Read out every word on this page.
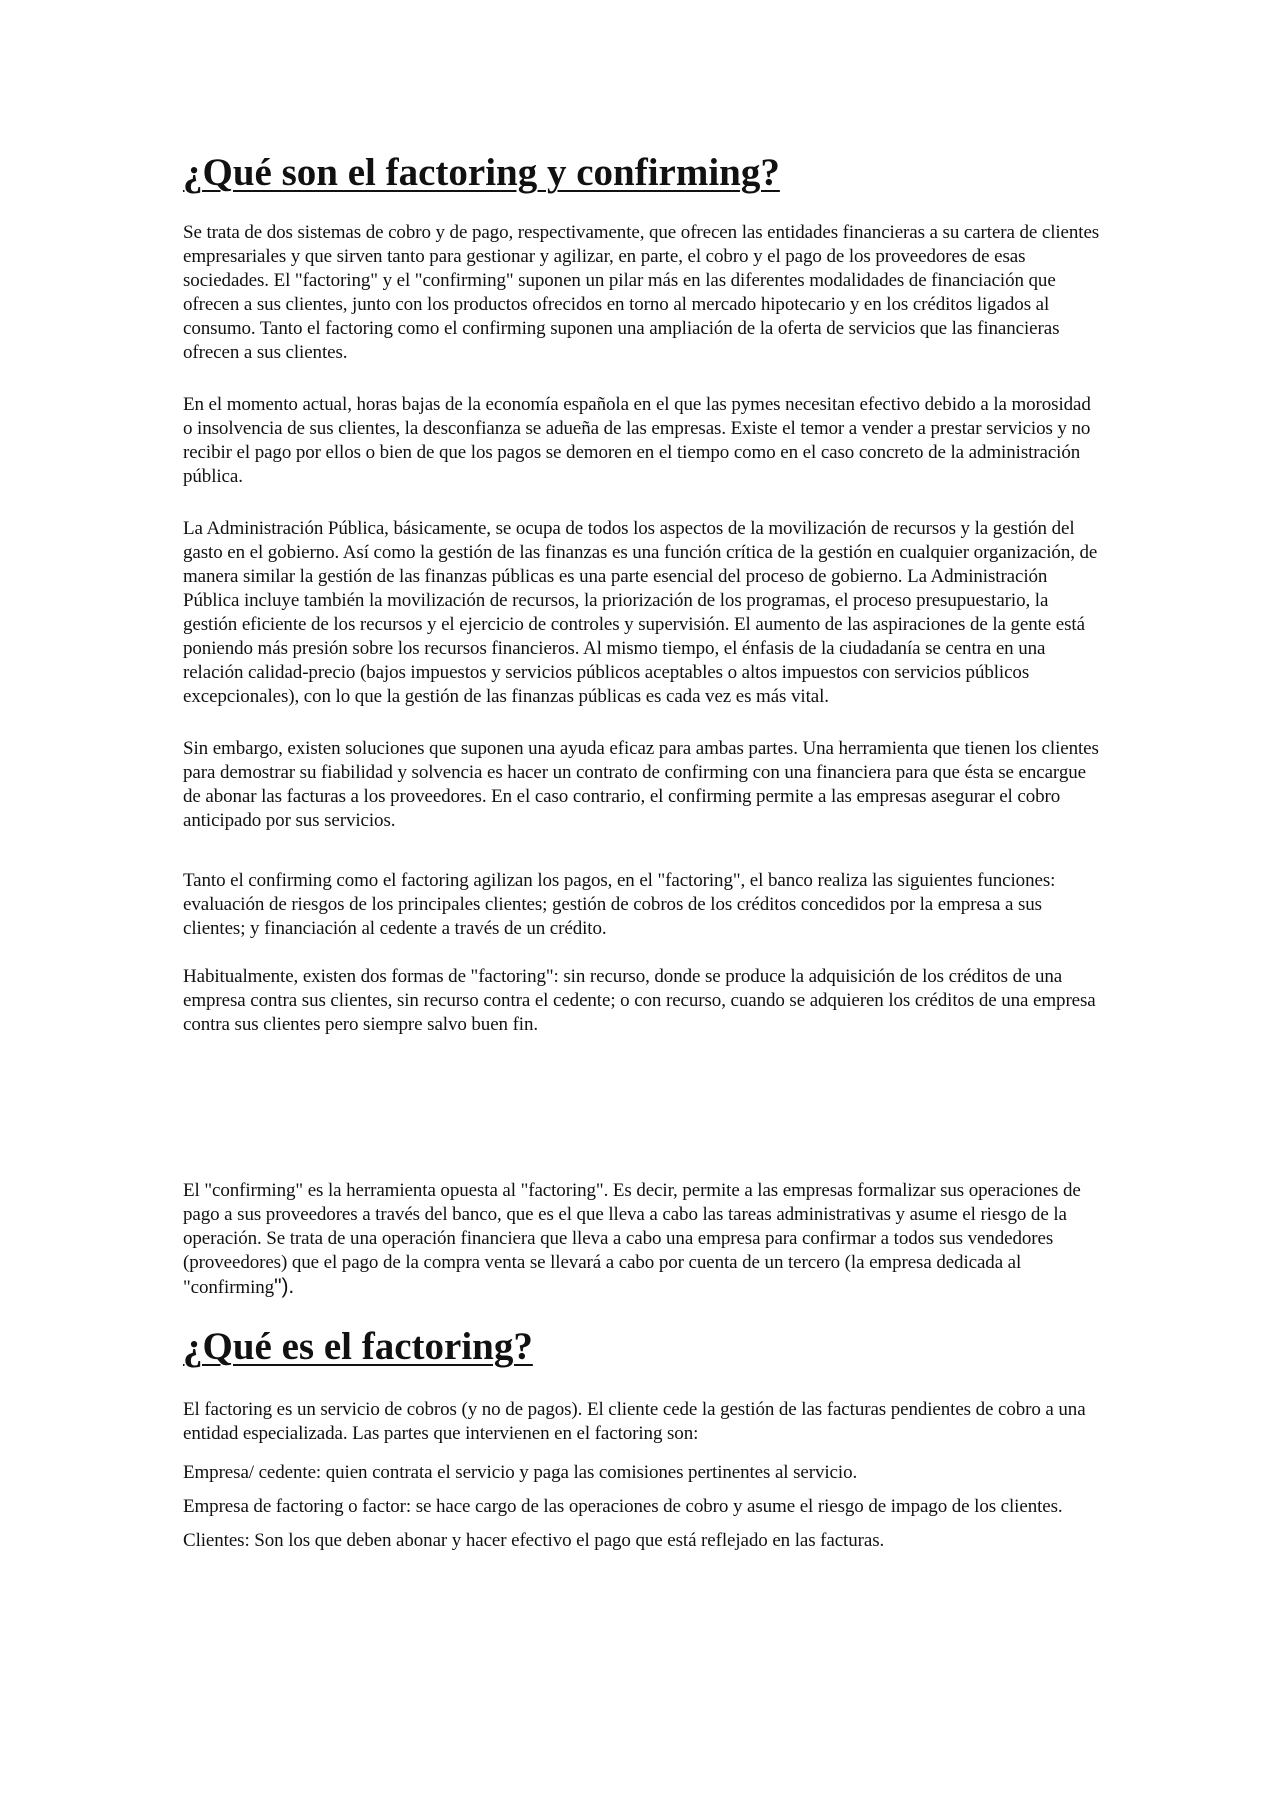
¿Qué son el factoring y confirming?

Se trata de dos sistemas de cobro y de pago, respectivamente, que ofrecen las entidades financieras a su cartera de clientes empresariales y que sirven tanto para gestionar y agilizar, en parte, el cobro y el pago de los proveedores de esas sociedades. El "factoring" y el "confirming" suponen un pilar más en las diferentes modalidades de financiación que ofrecen a sus clientes, junto con los productos ofrecidos en torno al mercado hipotecario y en los créditos ligados al consumo. Tanto el factoring como el confirming suponen una ampliación de la oferta de servicios que las financieras ofrecen a sus clientes.

En el momento actual, horas bajas de la economía española en el que las pymes necesitan efectivo debido a la morosidad o insolvencia de sus clientes, la desconfianza se adueña de las empresas. Existe el temor a vender a prestar servicios y no recibir el pago por ellos o bien de que los pagos se demoren en el tiempo como en el caso concreto de la administración pública.

La Administración Pública, básicamente, se ocupa de todos los aspectos de la movilización de recursos y la gestión del gasto en el gobierno. Así como la gestión de las finanzas es una función crítica de la gestión en cualquier organización, de manera similar la gestión de las finanzas públicas es una parte esencial del proceso de gobierno. La Administración Pública incluye también la movilización de recursos, la priorización de los programas, el proceso presupuestario, la gestión eficiente de los recursos y el ejercicio de controles y supervisión. El aumento de las aspiraciones de la gente está poniendo más presión sobre los recursos financieros. Al mismo tiempo, el énfasis de la ciudadanía se centra en una relación calidad-precio (bajos impuestos y servicios públicos aceptables o altos impuestos con servicios públicos excepcionales), con lo que la gestión de las finanzas públicas es cada vez es más vital.

Sin embargo, existen soluciones que suponen una ayuda eficaz para ambas partes. Una herramienta que tienen los clientes para demostrar su fiabilidad y solvencia es hacer un contrato de confirming con una financiera para que ésta se encargue de abonar las facturas a los proveedores. En el caso contrario, el confirming permite a las empresas asegurar el cobro anticipado por sus servicios.

Tanto el confirming como el factoring agilizan los pagos, en el "factoring", el banco realiza las siguientes funciones: evaluación de riesgos de los principales clientes; gestión de cobros de los créditos concedidos por la empresa a sus clientes; y financiación al cedente a través de un crédito.

Habitualmente, existen dos formas de "factoring": sin recurso, donde se produce la adquisición de los créditos de una empresa contra sus clientes, sin recurso contra el cedente; o con recurso, cuando se adquieren los créditos de una empresa contra sus clientes pero siempre salvo buen fin.

El "confirming" es la herramienta opuesta al "factoring". Es decir, permite a las empresas formalizar sus operaciones de pago a sus proveedores a través del banco, que es el que lleva a cabo las tareas administrativas y asume el riesgo de la operación. Se trata de una operación financiera que lleva a cabo una empresa para confirmar a todos sus vendedores (proveedores) que el pago de la compra venta se llevará a cabo por cuenta de un tercero (la empresa dedicada al "confirming").

¿Qué es el factoring?

El factoring es un servicio de cobros (y no de pagos). El cliente cede la gestión de las facturas pendientes de cobro a una entidad especializada. Las partes que intervienen en el factoring son:

Empresa/ cedente: quien contrata el servicio y paga las comisiones pertinentes al servicio.

Empresa de factoring o factor: se hace cargo de las operaciones de cobro y asume el riesgo de impago de los clientes.

Clientes: Son los que deben abonar y hacer efectivo el pago que está reflejado en las facturas.
